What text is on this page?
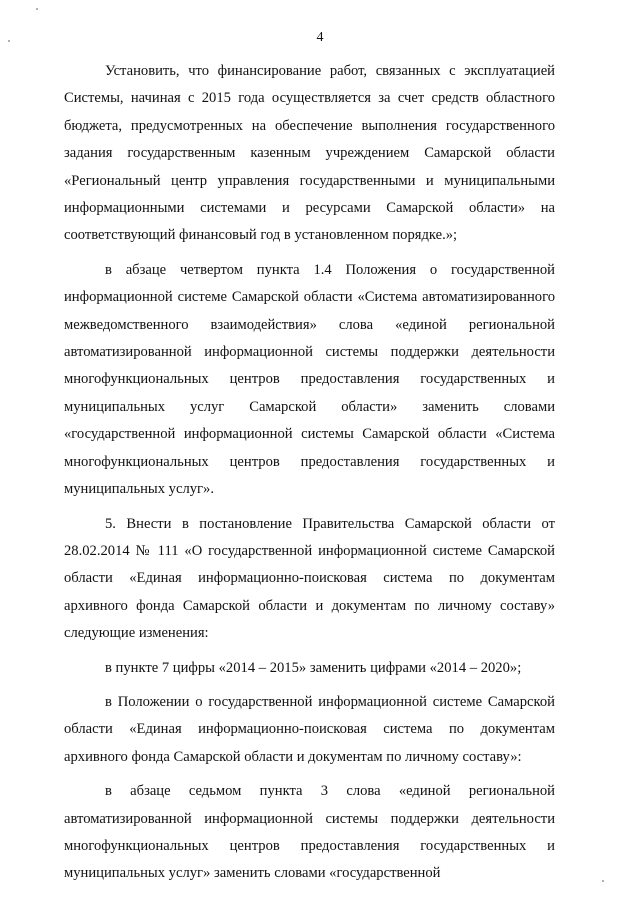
4

Установить, что финансирование работ, связанных с эксплуатацией Системы, начиная с 2015 года осуществляется за счет средств областного бюджета, предусмотренных на обеспечение выполнения государственного задания государственным казенным учреждением Самарской области «Региональный центр управления государственными и муниципальными информационными системами и ресурсами Самарской области» на соответствующий финансовый год в установленном порядке.»;

в абзаце четвертом пункта 1.4 Положения о государственной информационной системе Самарской области «Система автоматизированного межведомственного взаимодействия» слова «единой региональной автоматизированной информационной системы поддержки деятельности многофункциональных центров предоставления государственных и муниципальных услуг Самарской области» заменить словами «государственной информационной системы Самарской области «Система многофункциональных центров предоставления государственных и муниципальных услуг».

5. Внести в постановление Правительства Самарской области от 28.02.2014 № 111 «О государственной информационной системе Самарской области «Единая информационно-поисковая система по документам архивного фонда Самарской области и документам по личному составу» следующие изменения:

в пункте 7 цифры «2014 – 2015» заменить цифрами «2014 – 2020»;

в Положении о государственной информационной системе Самарской области «Единая информационно-поисковая система по документам архивного фонда Самарской области и документам по личному составу»:

в абзаце седьмом пункта 3 слова «единой региональной автоматизированной информационной системы поддержки деятельности многофункциональных центров предоставления государственных и муниципальных услуг» заменить словами «государственной
